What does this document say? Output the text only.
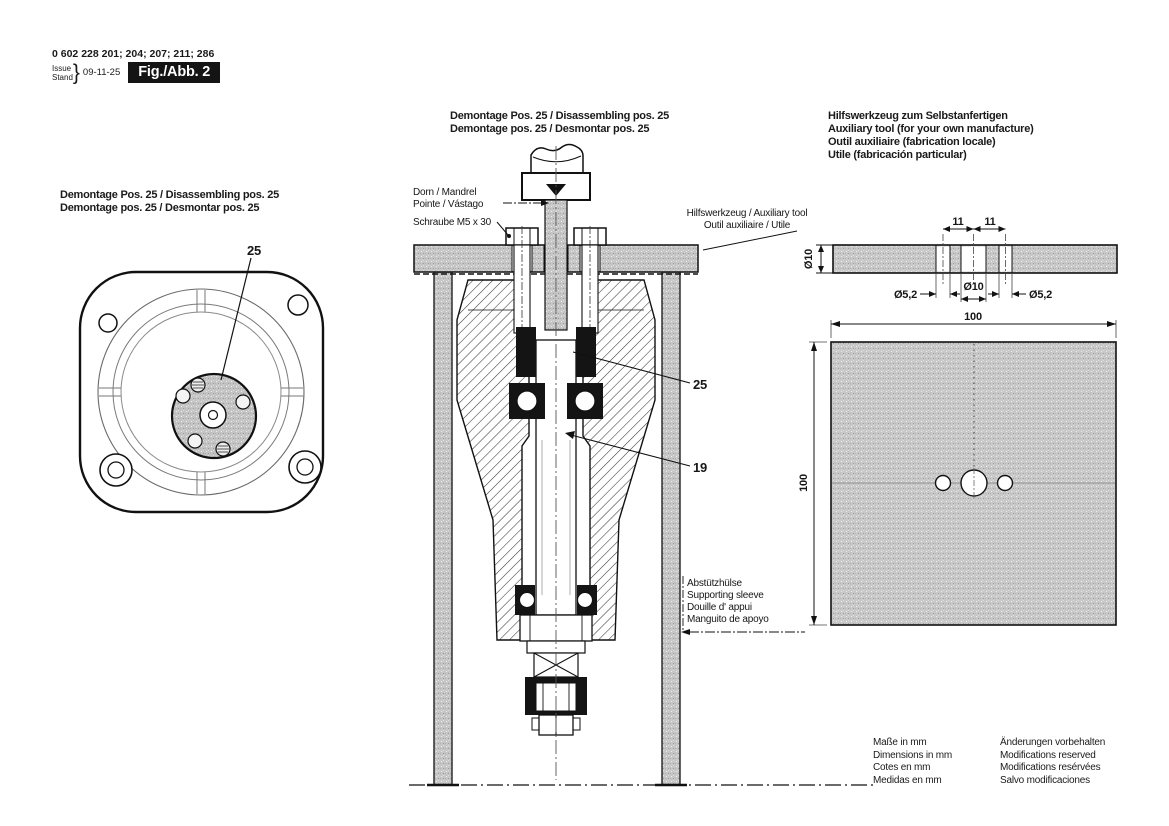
0 602 228 201; 204; 207; 211; 286
Issue
Stand } 09-11-25	Fig./Abb. 2
Demontage Pos. 25 / Disassembling pos. 25
Demontage pos. 25 / Desmontar pos. 25
Demontage Pos. 25 / Disassembling pos. 25
Demontage pos. 25 / Desmontar pos. 25
Hilfswerkzeug zum Selbstanfertigen
Auxiliary tool (for your own manufacture)
Outil auxiliaire (fabrication locale)
Utile (fabricación particular)
25
Dorn / Mandrel
Pointe / Vástago
Schraube M5 x 30
Hilfswerkzeug / Auxiliary tool
Outil auxiliaire / Utile
25
19
Abstützhülse
Supporting sleeve
Douille d' appui
Manguito de apoyo
11 11
Ø10
Ø5,2
Ø10
Ø5,2
100
100
Maße in mm
Dimensions in mm
Cotes en mm
Medidas en mm
Änderungen vorbehalten
Modifications reserved
Modifications resérvées
Salvo modificaciones
